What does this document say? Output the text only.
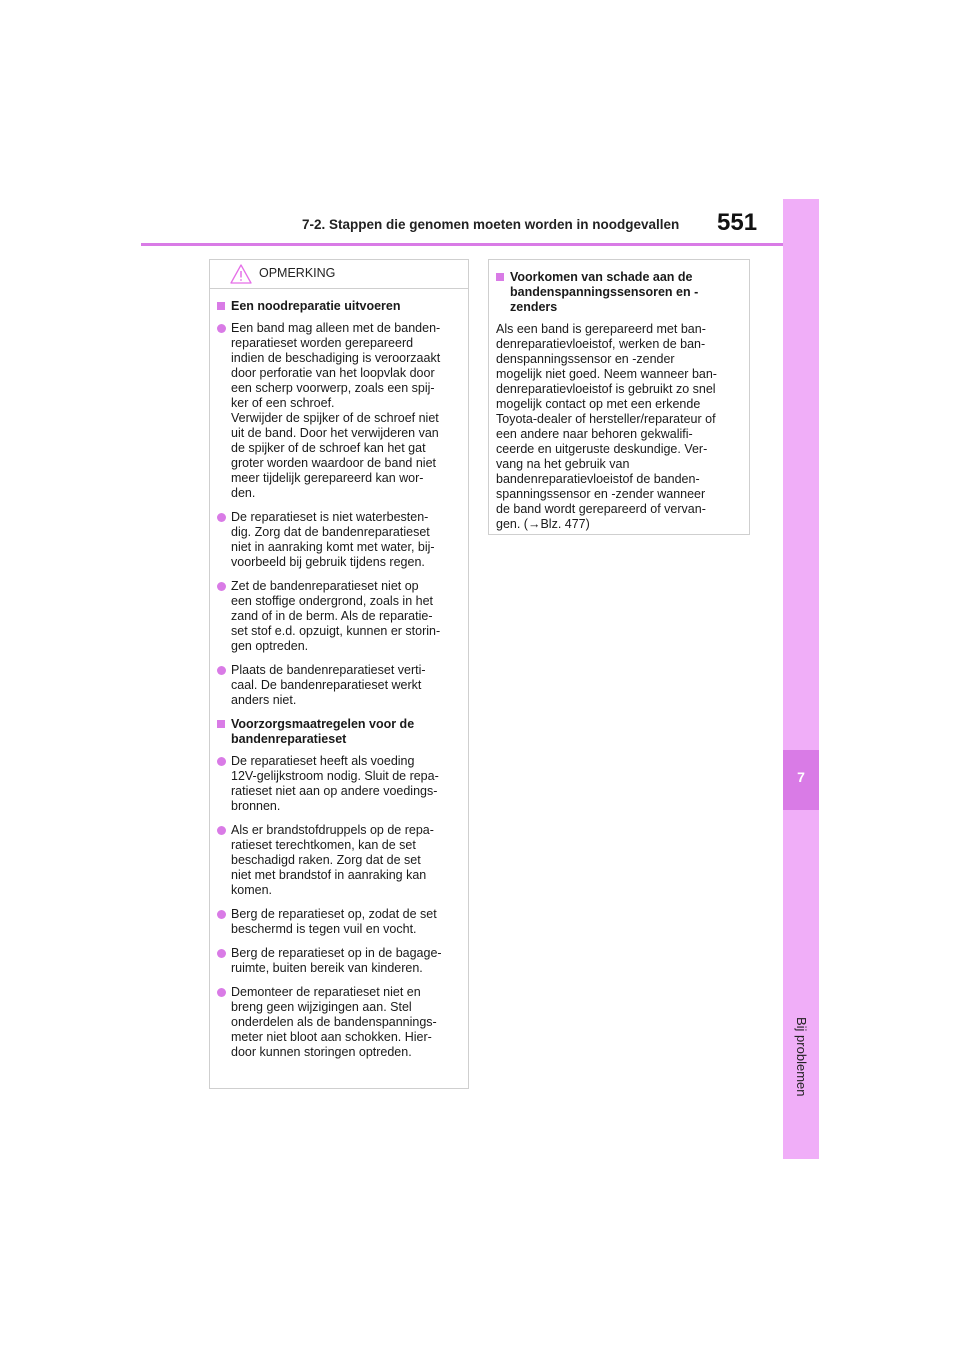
7
Bij problemen
7-2. Stappen die genomen moeten worden in noodgevallen 551
OPMERKING
Een noodreparatie uitvoeren
Een band mag alleen met de banden-
reparatieset worden gerepareerd
indien de beschadiging is veroorzaakt
door perforatie van het loopvlak door
een scherp voorwerp, zoals een spij-
ker of een schroef.
Verwijder de spijker of de schroef niet
uit de band. Door het verwijderen van
de spijker of de schroef kan het gat
groter worden waardoor de band niet
meer tijdelijk gerepareerd kan wor-
den.
De reparatieset is niet waterbesten-
dig. Zorg dat de bandenreparatieset
niet in aanraking komt met water, bij-
voorbeeld bij gebruik tijdens regen.
Zet de bandenreparatieset niet op
een stoffige ondergrond, zoals in het
zand of in de berm. Als de reparatie-
set stof e.d. opzuigt, kunnen er storin-
gen optreden.
Plaats de bandenreparatieset verti-
caal. De bandenreparatieset werkt
anders niet.
Voorzorgsmaatregelen voor de
bandenreparatieset
De reparatieset heeft als voeding
12V-gelijkstroom nodig. Sluit de repa-
ratieset niet aan op andere voedings-
bronnen.
Als er brandstofdruppels op de repa-
ratieset terechtkomen, kan de set
beschadigd raken. Zorg dat de set
niet met brandstof in aanraking kan
komen.
Berg de reparatieset op, zodat de set
beschermd is tegen vuil en vocht.
Berg de reparatieset op in de bagage-
ruimte, buiten bereik van kinderen.
Demonteer de reparatieset niet en
breng geen wijzigingen aan. Stel
onderdelen als de bandenspannings-
meter niet bloot aan schokken. Hier-
door kunnen storingen optreden.
Voorkomen van schade aan de
bandenspanningssensoren en -
zenders

Als een band is gerepareerd met ban-
denreparatievloeistof, werken de ban-
denspanningssensor en -zender
mogelijk niet goed. Neem wanneer ban-
denreparatievloeistof is gebruikt zo snel
mogelijk contact op met een erkende
Toyota-dealer of hersteller/reparateur of
een andere naar behoren gekwalifi-
ceerde en uitgeruste deskundige. Ver-
vang na het gebruik van
bandenreparatievloeistof de banden-
spanningssensor en -zender wanneer
de band wordt gerepareerd of vervan-
gen. (→Blz. 477)
